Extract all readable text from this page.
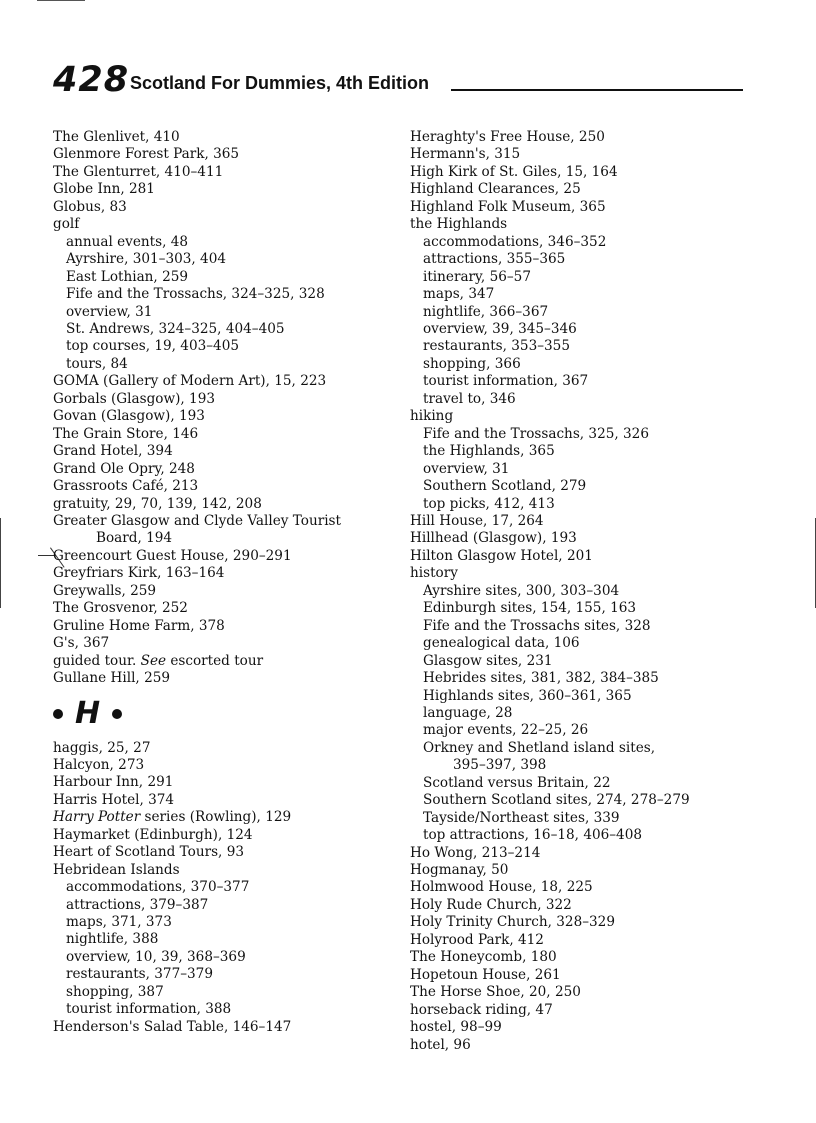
428 Scotland For Dummies, 4th Edition
The Glenlivet, 410
Glenmore Forest Park, 365
The Glenturret, 410–411
Globe Inn, 281
Globus, 83
golf
annual events, 48
Ayrshire, 301–303, 404
East Lothian, 259
Fife and the Trossachs, 324–325, 328
overview, 31
St. Andrews, 324–325, 404–405
top courses, 19, 403–405
tours, 84
GOMA (Gallery of Modern Art), 15, 223
Gorbals (Glasgow), 193
Govan (Glasgow), 193
The Grain Store, 146
Grand Hotel, 394
Grand Ole Opry, 248
Grassroots Café, 213
gratuity, 29, 70, 139, 142, 208
Greater Glasgow and Clyde Valley Tourist
Board, 194
Greencourt Guest House, 290–291
Greyfriars Kirk, 163–164
Greywalls, 259
The Grosvenor, 252
Gruline Home Farm, 378
G's, 367
guided tour. See escorted tour
Gullane Hill, 259
H
haggis, 25, 27
Halcyon, 273
Harbour Inn, 291
Harris Hotel, 374
Harry Potter series (Rowling), 129
Haymarket (Edinburgh), 124
Heart of Scotland Tours, 93
Hebridean Islands
accommodations, 370–377
attractions, 379–387
maps, 371, 373
nightlife, 388
overview, 10, 39, 368–369
restaurants, 377–379
shopping, 387
tourist information, 388
Henderson's Salad Table, 146–147
Heraghty's Free House, 250
Hermann's, 315
High Kirk of St. Giles, 15, 164
Highland Clearances, 25
Highland Folk Museum, 365
the Highlands
accommodations, 346–352
attractions, 355–365
itinerary, 56–57
maps, 347
nightlife, 366–367
overview, 39, 345–346
restaurants, 353–355
shopping, 366
tourist information, 367
travel to, 346
hiking
Fife and the Trossachs, 325, 326
the Highlands, 365
overview, 31
Southern Scotland, 279
top picks, 412, 413
Hill House, 17, 264
Hillhead (Glasgow), 193
Hilton Glasgow Hotel, 201
history
Ayrshire sites, 300, 303–304
Edinburgh sites, 154, 155, 163
Fife and the Trossachs sites, 328
genealogical data, 106
Glasgow sites, 231
Hebrides sites, 381, 382, 384–385
Highlands sites, 360–361, 365
language, 28
major events, 22–25, 26
Orkney and Shetland island sites,
395–397, 398
Scotland versus Britain, 22
Southern Scotland sites, 274, 278–279
Tayside/Northeast sites, 339
top attractions, 16–18, 406–408
Ho Wong, 213–214
Hogmanay, 50
Holmwood House, 18, 225
Holy Rude Church, 322
Holy Trinity Church, 328–329
Holyrood Park, 412
The Honeycomb, 180
Hopetoun House, 261
The Horse Shoe, 20, 250
horseback riding, 47
hostel, 98–99
hotel, 96
